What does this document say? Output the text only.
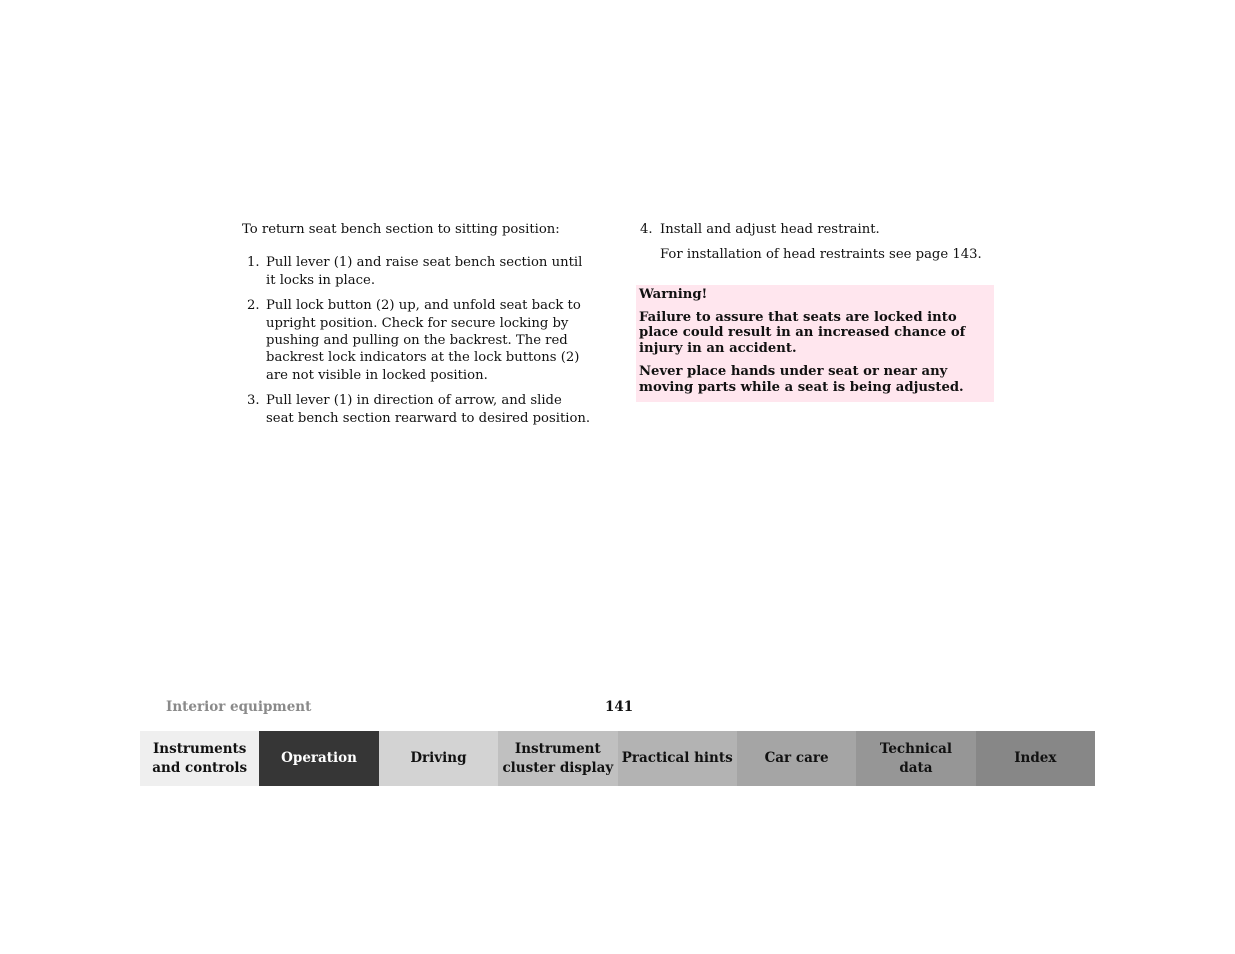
To return seat bench section to sitting position:

1. Pull lever (1) and raise seat bench section until it locks in place.
2. Pull lock button (2) up, and unfold seat back to upright position. Check for secure locking by pushing and pulling on the backrest. The red backrest lock indicators at the lock buttons (2) are not visible in locked position.
3. Pull lever (1) in direction of arrow, and slide seat bench section rearward to desired position.
4. Install and adjust head restraint.
For installation of head restraints see page 143.

Warning!

Failure to assure that seats are locked into place could result in an increased chance of injury in an accident.

Never place hands under seat or near any moving parts while a seat is being adjusted.

Interior equipment	141
Instruments
and controls
Operation	Driving
Instrument
cluster display
Practical hints	Car care
Technical
data
Index
